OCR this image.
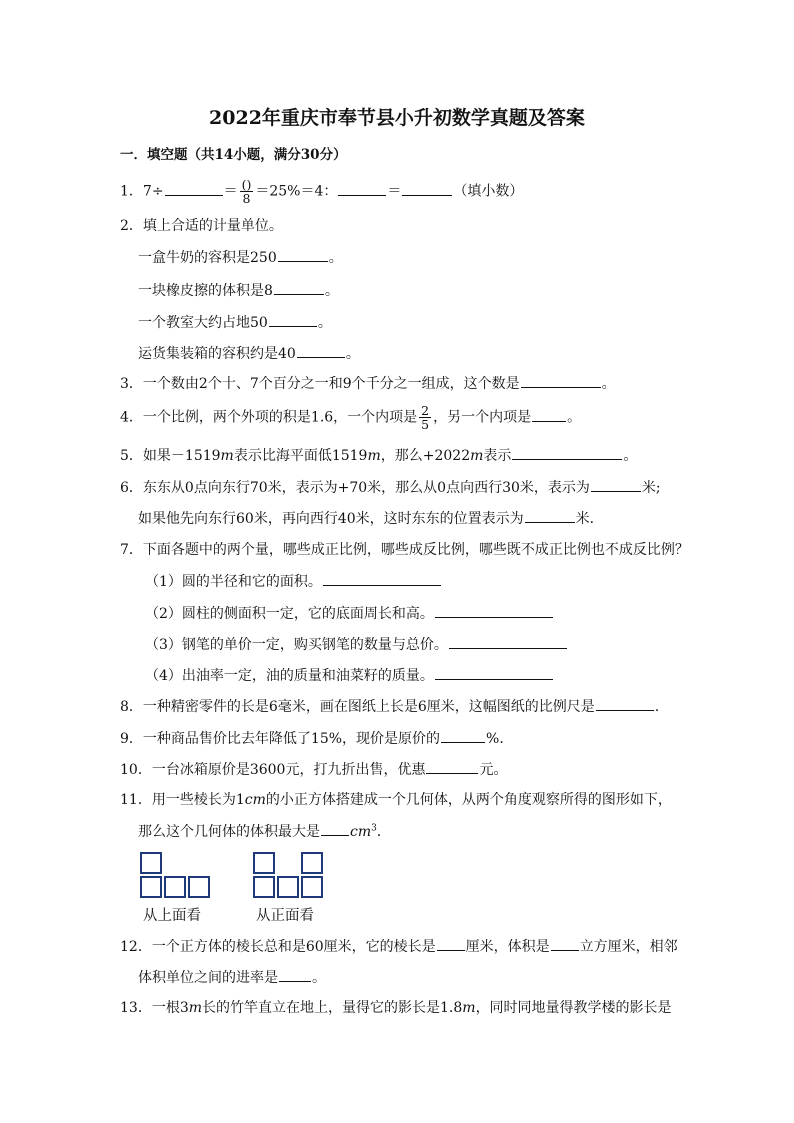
2022年重庆市奉节县小升初数学真题及答案
一．填空题（共14小题，满分30分）
1．7÷	＝ $\frac{()}{8} =25\%=4$：	＝	（填小数）
2．填上合适的计量单位。
一盒牛奶的容积是250	。
一块橡皮擦的体积是8	。
一个教室大约占地50	。
运货集装箱的容积约是40	。
3．一个数由2个十、7个百分之一和9个千分之一组成，这个数是	。
4．一个比例，两个外项的积是1.6，一个内项是 $\frac{2}{5}$ ，另一个内项是	。
5．如果－1519m表示比海平面低1519m，那么+2022m表示	。
6．东东从0点向东行70米，表示为+70米，那么从0点向西行30米，表示为	米;
如果他先向东行60米，再向西行40米，这时东东的位置表示为	米．
7．下面各题中的两个量，哪些成正比例，哪些成反比例，哪些既不成正比例也不成反比例？
（1）圆的半径和它的面积。
（2）圆柱的侧面积一定，它的底面周长和高。
（3）钢笔的单价一定，购买钢笔的数量与总价。
（4）出油率一定，油的质量和油菜籽的质量。
8．一种精密零件的长是6毫米，画在图纸上长是6厘米，这幅图纸的比例尺是	.
9．一种商品售价比去年降低了15%，现价是原价的	%．
10．一台冰箱原价是3600元，打九折出售，优惠	元。
11．用一些棱长为1cm的小正方体搭建成一个几何体，从两个角度观察所得的图形如下，
那么这个几何体的体积最大是 $cm^3$．
从上面看	从正面看
12．一个正方体的棱长总和是60厘米，它的棱长是 厘米，体积是 立方厘米，相邻
体积单位之间的进率是 。
13．一根3m长的竹竿直立在地上，量得它的影长是1.8m，同时同地量得教学楼的影长是
